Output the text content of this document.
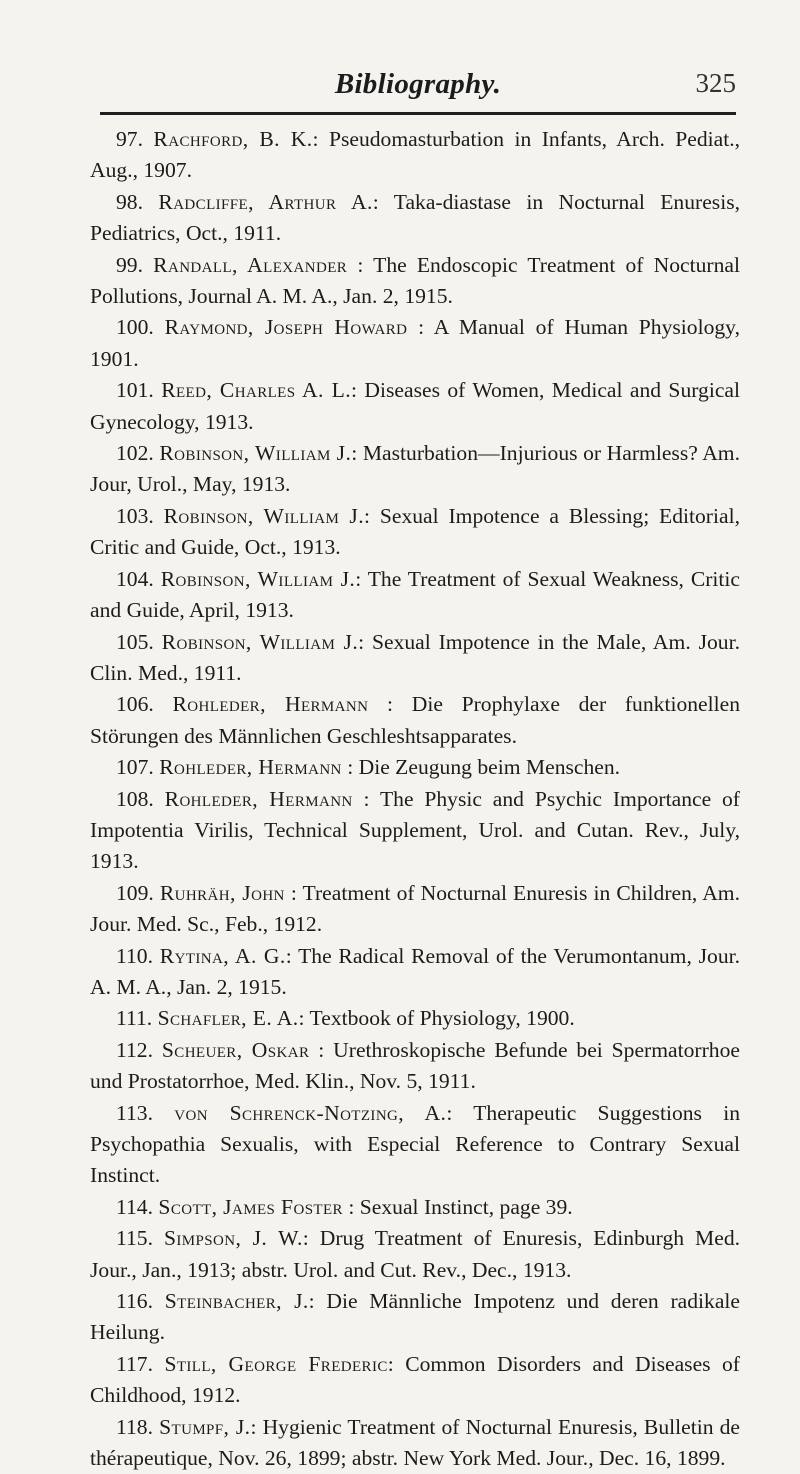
Bibliography.	325

97. Rachford, B. K.: Pseudomasturbation in Infants, Arch. Pediat., Aug., 1907.

98. Radcliffe, Arthur A.: Taka-diastase in Nocturnal Enuresis, Pediatrics, Oct., 1911.

99. Randall, Alexander : The Endoscopic Treatment of Nocturnal Pollutions, Journal A. M. A., Jan. 2, 1915.

100. Raymond, Joseph Howard : A Manual of Human Physiology, 1901.

101. Reed, Charles A. L.: Diseases of Women, Medical and Surgical Gynecology, 1913.

102. Robinson, William J.: Masturbation—Injurious or Harmless? Am. Jour, Urol., May, 1913.

103. Robinson, William J.: Sexual Impotence a Blessing; Editorial, Critic and Guide, Oct., 1913.

104. Robinson, William J.: The Treatment of Sexual Weakness, Critic and Guide, April, 1913.

105. Robinson, William J.: Sexual Impotence in the Male, Am. Jour. Clin. Med., 1911.

106. Rohleder, Hermann : Die Prophylaxe der funktionellen Störungen des Männlichen Geschleshtsapparates.

107. Rohleder, Hermann : Die Zeugung beim Menschen.

108. Rohleder, Hermann : The Physic and Psychic Importance of Impotentia Virilis, Technical Supplement, Urol. and Cutan. Rev., July, 1913.

109. Ruhräh, John : Treatment of Nocturnal Enuresis in Children, Am. Jour. Med. Sc., Feb., 1912.

110. Rytina, A. G.: The Radical Removal of the Verumontanum, Jour. A. M. A., Jan. 2, 1915.

111. Schafler, E. A.: Textbook of Physiology, 1900.

112. Scheuer, Oskar : Urethroskopische Befunde bei Spermatorrhoe und Prostatorrhoe, Med. Klin., Nov. 5, 1911.

113. von Schrenck-Notzing, A.: Therapeutic Suggestions in Psychopathia Sexualis, with Especial Reference to Contrary Sexual Instinct.

114. Scott, James Foster : Sexual Instinct, page 39.

115. Simpson, J. W.: Drug Treatment of Enuresis, Edinburgh Med. Jour., Jan., 1913; abstr. Urol. and Cut. Rev., Dec., 1913.

116. Steinbacher, J.: Die Männliche Impotenz und deren radikale Heilung.

117. Still, George Frederic: Common Disorders and Diseases of Childhood, 1912.

118. Stumpf, J.: Hygienic Treatment of Nocturnal Enuresis, Bulletin de thérapeutique, Nov. 26, 1899; abstr. New York Med. Jour., Dec. 16, 1899.
